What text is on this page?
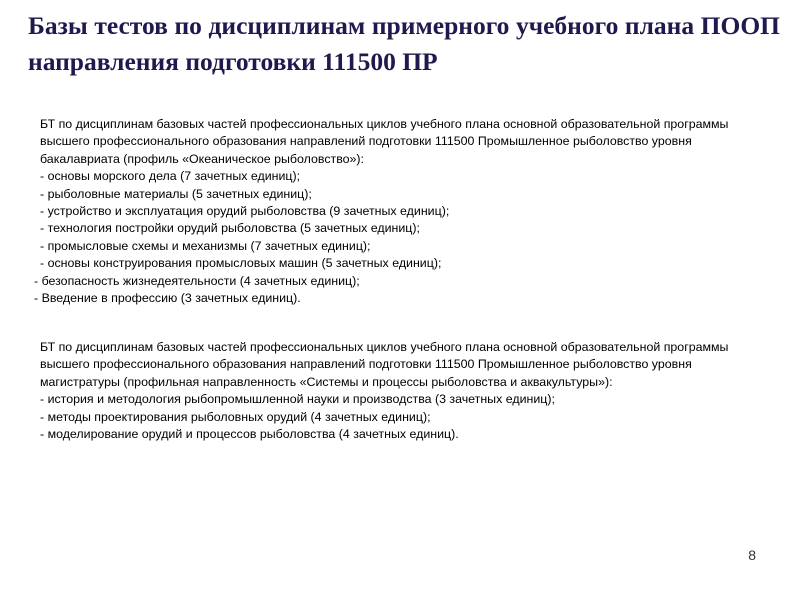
Базы тестов по дисциплинам примерного учебного плана ПООП направления подготовки 111500 ПР

БТ по дисциплинам базовых частей профессиональных циклов учебного плана основной образовательной программы высшего профессионального образования направлений подготовки 111500 Промышленное рыболовство уровня бакалавриата (профиль «Океаническое рыболовство»):

- основы морского дела (7 зачетных единиц);
- рыболовные материалы (5 зачетных единиц);
- устройство и эксплуатация орудий рыболовства (9 зачетных единиц);
- технология постройки орудий рыболовства (5 зачетных единиц);
- промысловые схемы и механизмы (7 зачетных единиц);
- основы конструирования промысловых машин (5 зачетных единиц);
- безопасность жизнедеятельности (4 зачетных единиц);
- Введение в профессию (3 зачетных единиц).

БТ по дисциплинам базовых частей профессиональных циклов учебного плана основной образовательной программы высшего профессионального образования направлений подготовки 111500 Промышленное рыболовство уровня магистратуры (профильная направленность «Системы и процессы рыболовства и аквакультуры»):

- история и методология рыбопромышленной науки и производства (3 зачетных единиц);
- методы проектирования рыболовных орудий (4 зачетных единиц);
- моделирование орудий и процессов рыболовства (4 зачетных единиц).
8
